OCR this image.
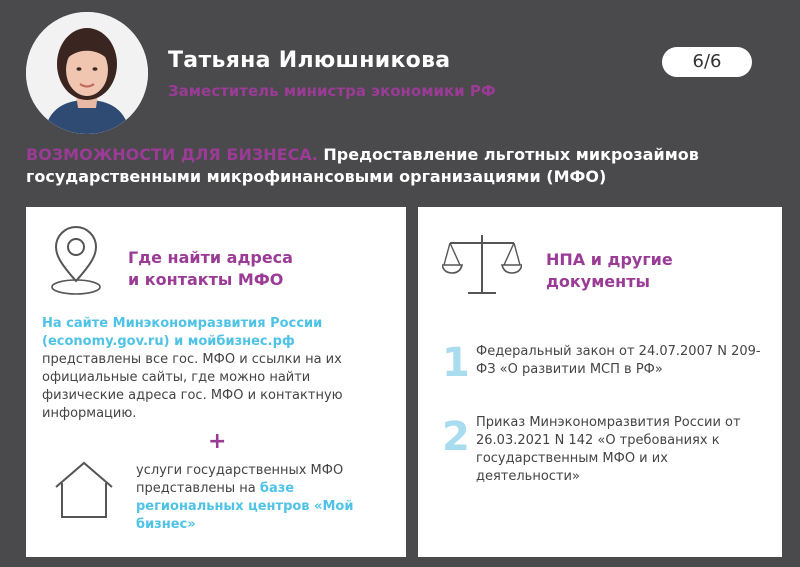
Татьяна Илюшникова
Заместитель министра экономики РФ
6/6
ВОЗМОЖНОСТИ ДЛЯ БИЗНЕСА. Предоставление льготных микрозаймов государственными микрофинансовыми организациями (МФО)
Где найти адреса
и контакты МФО
На сайте Минэкономразвития России
(economy.gov.ru) и мойбизнес.рф
представлены все гос. МФО и ссылки на их официальные сайты, где можно найти физические адреса гос. МФО и контактную информацию.
+
услуги государственных МФО представлены на базе региональных центров «Мой бизнес»
НПА и другие
документы
1 Федеральный закон от 24.07.2007 N 209-ФЗ «О развитии МСП в РФ»
2 Приказ Минэкономразвития России от 26.03.2021 N 142 «О требованиях к государственным МФО и их деятельности»
